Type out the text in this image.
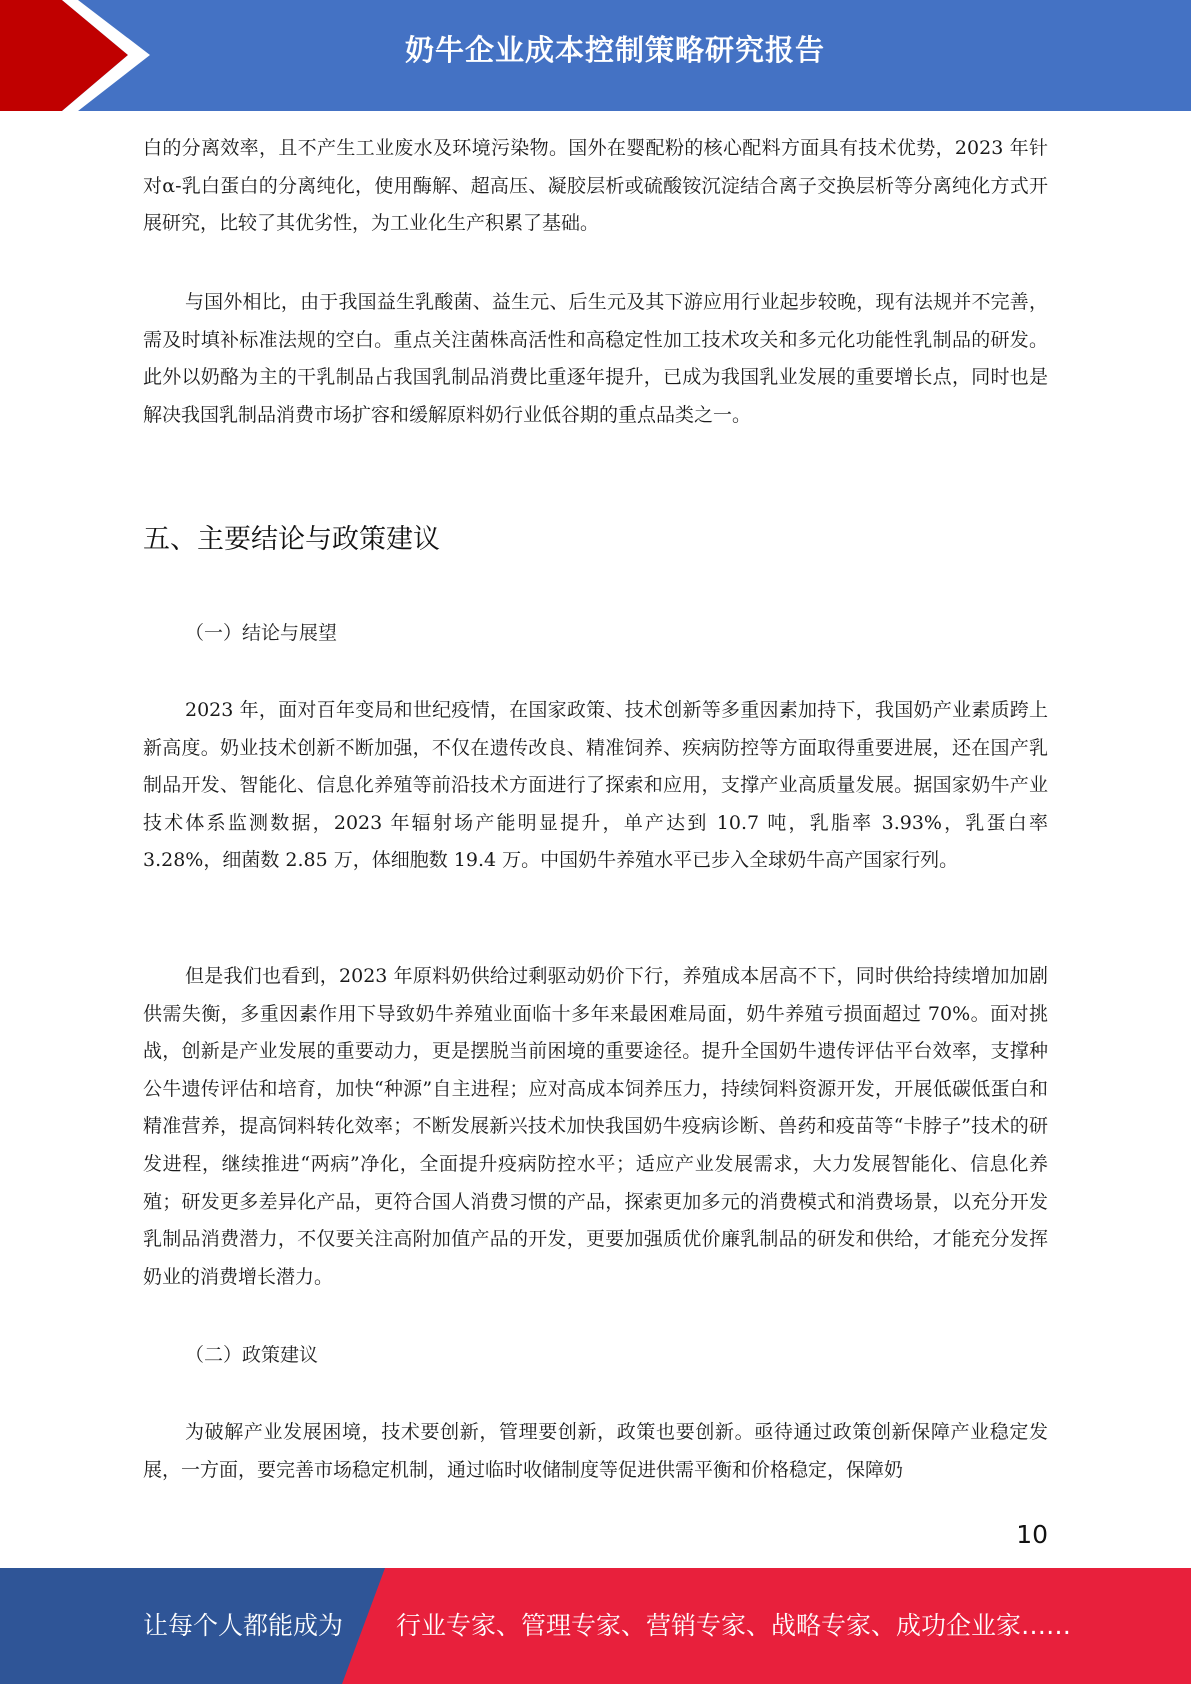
奶牛企业成本控制策略研究报告

白的分离效率，且不产生工业废水及环境污染物。国外在婴配粉的核心配料方面具有技术优势，2023 年针对α-乳白蛋白的分离纯化，使用酶解、超高压、凝胶层析或硫酸铵沉淀结合离子交换层析等分离纯化方式开展研究，比较了其优劣性，为工业化生产积累了基础。

与国外相比，由于我国益生乳酸菌、益生元、后生元及其下游应用行业起步较晚，现有法规并不完善，需及时填补标准法规的空白。重点关注菌株高活性和高稳定性加工技术攻关和多元化功能性乳制品的研发。此外以奶酪为主的干乳制品占我国乳制品消费比重逐年提升，已成为我国乳业发展的重要增长点，同时也是解决我国乳制品消费市场扩容和缓解原料奶行业低谷期的重点品类之一。

五、主要结论与政策建议
（一）结论与展望

2023 年，面对百年变局和世纪疫情，在国家政策、技术创新等多重因素加持下，我国奶产业素质跨上新高度。奶业技术创新不断加强，不仅在遗传改良、精准饲养、疾病防控等方面取得重要进展，还在国产乳制品开发、智能化、信息化养殖等前沿技术方面进行了探索和应用，支撑产业高质量发展。据国家奶牛产业技术体系监测数据，2023 年辐射场产能明显提升，单产达到 10.7 吨，乳脂率 3.93%，乳蛋白率 3.28%，细菌数 2.85 万，体细胞数 19.4 万。中国奶牛养殖水平已步入全球奶牛高产国家行列。

但是我们也看到，2023 年原料奶供给过剩驱动奶价下行，养殖成本居高不下，同时供给持续增加加剧供需失衡，多重因素作用下导致奶牛养殖业面临十多年来最困难局面，奶牛养殖亏损面超过 70%。面对挑战，创新是产业发展的重要动力，更是摆脱当前困境的重要途径。提升全国奶牛遗传评估平台效率，支撑种公牛遗传评估和培育，加快“种源”自主进程；应对高成本饲养压力，持续饲料资源开发，开展低碳低蛋白和精准营养，提高饲料转化效率；不断发展新兴技术加快我国奶牛疫病诊断、兽药和疫苗等“卡脖子”技术的研发进程，继续推进“两病”净化，全面提升疫病防控水平；适应产业发展需求，大力发展智能化、信息化养殖；研发更多差异化产品，更符合国人消费习惯的产品，探索更加多元的消费模式和消费场景，以充分开发乳制品消费潜力，不仅要关注高附加值产品的开发，更要加强质优价廉乳制品的研发和供给，才能充分发挥奶业的消费增长潜力。

（二）政策建议

为破解产业发展困境，技术要创新，管理要创新，政策也要创新。亟待通过政策创新保障产业稳定发展，一方面，要完善市场稳定机制，通过临时收储制度等促进供需平衡和价格稳定，保障奶

10
让每个人都能成为 行业专家、管理专家、营销专家、战略专家、成功企业家……
